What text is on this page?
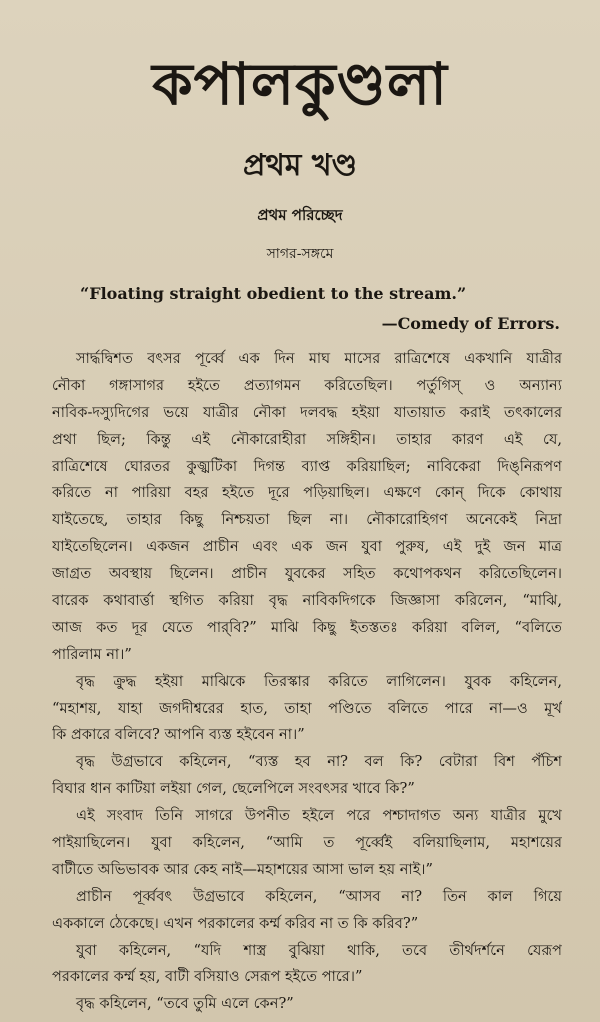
কপালকুণ্ডলা
প্রথম খণ্ড
প্রথম পরিচ্ছেদ
সাগর-সঙ্গমে
“Floating straight obedient to the stream.”
—Comedy of Errors.
সার্দ্ধদ্বিশত বৎসর পূর্ব্বে এক দিন মাঘ মাসের রাত্রিশেষে একখানি যাত্রীর
নৌকা গঙ্গাসাগর হইতে প্রত্যাগমন করিতেছিল। পর্তুগিস্‌ ও অন্যান্য
নাবিক-দস্যুদিগের ভয়ে যাত্রীর নৌকা দলবদ্ধ হইয়া যাতায়াত করাই তৎকালের
প্রথা ছিল; কিন্তু এই নৌকারোহীরা সঙ্গিহীন। তাহার কারণ এই যে,
রাত্রিশেষে ঘোরতর কুজ্ঝটিকা দিগন্ত ব্যাপ্ত করিয়াছিল; নাবিকেরা দিঙ্‌নিরূপণ
করিতে না পারিয়া বহর হইতে দূরে পড়িয়াছিল। এক্ষণে কোন্‌ দিকে কোথায়
যাইতেছে, তাহার কিছু নিশ্চয়তা ছিল না। নৌকারোহিগণ অনেকেই নিদ্রা
যাইতেছিলেন। একজন প্রাচীন এবং এক জন যুবা পুরুষ, এই দুই জন মাত্র
জাগ্রত অবস্থায় ছিলেন। প্রাচীন যুবকের সহিত কথোপকথন করিতেছিলেন।
বারেক কথাবার্ত্তা স্থগিত করিয়া বৃদ্ধ নাবিকদিগকে জিজ্ঞাসা করিলেন, “মাঝি,
আজ কত দূর যেতে পার্‌বি?” মাঝি কিছু ইতস্ততঃ করিয়া বলিল, “বলিতে
পারিলাম না।”
বৃদ্ধ ক্রুদ্ধ হইয়া মাঝিকে তিরস্কার করিতে লাগিলেন। যুবক কহিলেন,
“মহাশয়, যাহা জগদীশ্বরের হাত, তাহা পণ্ডিতে বলিতে পারে না—ও মূর্খ
কি প্রকারে বলিবে? আপনি ব্যস্ত হইবেন না।”
বৃদ্ধ উগ্রভাবে কহিলেন, “ব্যস্ত হব না? বল কি? বেটারা বিশ পঁচিশ
বিঘার ধান কাটিয়া লইয়া গেল, ছেলেপিলে সংবৎসর খাবে কি?”
এই সংবাদ তিনি সাগরে উপনীত হইলে পরে পশ্চাদাগত অন্য যাত্রীর মুখে
পাইয়াছিলেন। যুবা কহিলেন, “আমি ত পূর্ব্বেই বলিয়াছিলাম, মহাশয়ের
বাটীতে অভিভাবক আর কেহ নাই—মহাশয়ের আসা ভাল হয় নাই।”
প্রাচীন পূর্ব্ববৎ উগ্রভাবে কহিলেন, “আসব না? তিন কাল গিয়ে
এককালে ঠেকেছে। এখন পরকালের কর্ম্ম করিব না ত কি করিব?”
যুবা কহিলেন, “যদি শাস্ত্র বুঝিয়া থাকি, তবে তীর্থদর্শনে যেরূপ
পরকালের কর্ম্ম হয়, বাটী বসিয়াও সেরূপ হইতে পারে।”
বৃদ্ধ কহিলেন, “তবে তুমি এলে কেন?”
